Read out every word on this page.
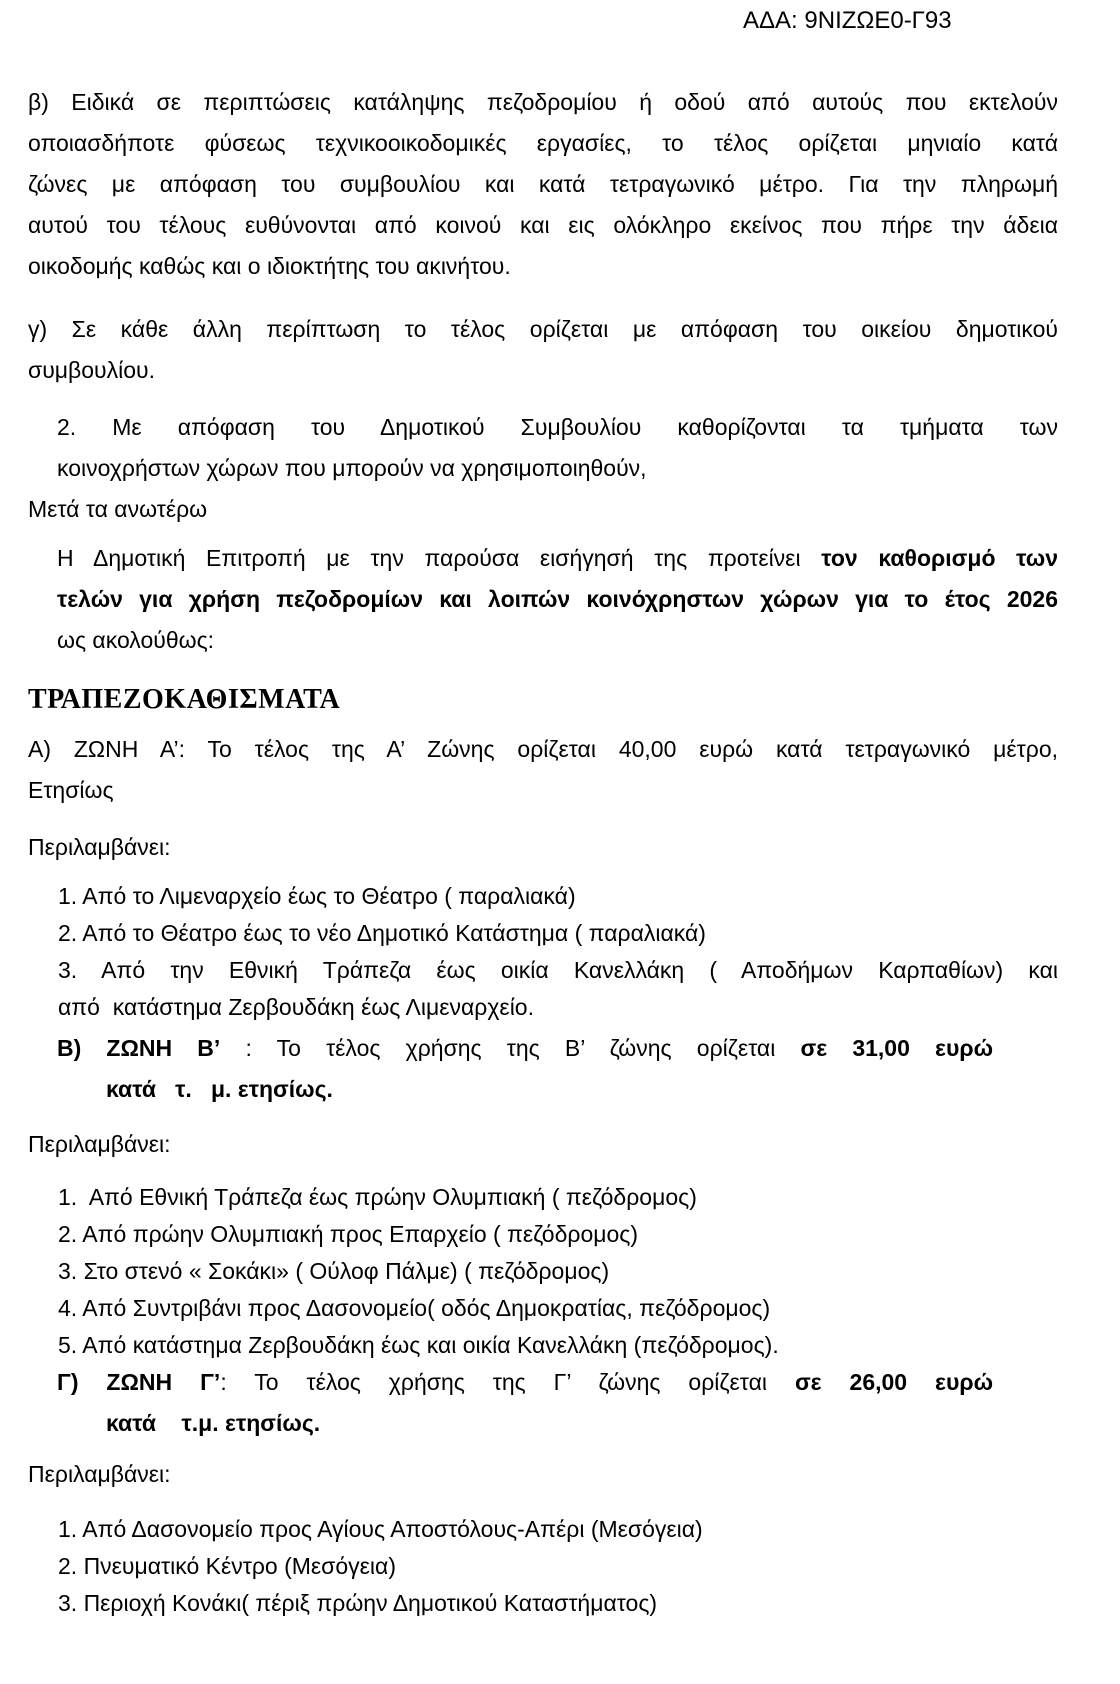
ΑΔΑ: 9ΝΙΖΩΕ0-Γ93

β) Ειδικά σε περιπτώσεις κατάληψης πεζοδρομίου ή οδού από αυτούς που εκτελούν
οποιασδήποτε φύσεως τεχνικοοικοδομικές εργασίες, το τέλος ορίζεται μηνιαίο κατά
ζώνες με απόφαση του συμβουλίου και κατά τετραγωνικό μέτρο. Για την πληρωμή
αυτού του τέλους ευθύνονται από κοινού και εις ολόκληρο εκείνος που πήρε την άδεια
οικοδομής καθώς και ο ιδιοκτήτης του ακινήτου.

γ) Σε κάθε άλλη περίπτωση το τέλος ορίζεται με απόφαση του οικείου δημοτικού
συμβουλίου.

2. Με απόφαση του Δημοτικού Συμβουλίου καθορίζονται τα τμήματα των
κοινοχρήστων χώρων που μπορούν να χρησιμοποιηθούν,

Μετά τα ανωτέρω

Η Δημοτική Επιτροπή με την παρούσα εισήγησή της προτείνει τον καθορισμό των
τελών για χρήση πεζοδρομίων και λοιπών κοινόχρηστων χώρων για το έτος 2026
ως ακολούθως:

ΤΡΑΠΕΖΟΚΑΘΙΣΜΑΤΑ

Α) ΖΩΝΗ Α’: Το τέλος της Α’ Ζώνης ορίζεται 40,00 ευρώ κατά τετραγωνικό μέτρο,
Ετησίως

Περιλαμβάνει:

1. Από το Λιμεναρχείο έως το Θέατρο ( παραλιακά)
2. Από το Θέατρο έως το νέο Δημοτικό Κατάστημα ( παραλιακά)
3. Από την Εθνική Τράπεζα έως οικία Κανελλάκη ( Αποδήμων Καρπαθίων) και
από  κατάστημα Ζερβουδάκη έως Λιμεναρχείο.

Β) ΖΩΝΗ Β’ : Το τέλος χρήσης της Β’ ζώνης ορίζεται σε 31,00 ευρώ
κατά   τ.   μ. ετησίως.

Περιλαμβάνει:

1.  Από Εθνική Τράπεζα έως πρώην Ολυμπιακή ( πεζόδρομος)
2. Από πρώην Ολυμπιακή προς Επαρχείο ( πεζόδρομος)
3. Στο στενό « Σοκάκι» ( Ούλοφ Πάλμε) ( πεζόδρομος)
4. Από Συντριβάνι προς Δασονομείο( οδός Δημοκρατίας, πεζόδρομος)
5. Από κατάστημα Ζερβουδάκη έως και οικία Κανελλάκη (πεζόδρομος).

Γ) ΖΩΝΗ Γ’: Το τέλος χρήσης της Γ’ ζώνης ορίζεται σε 26,00 ευρώ
κατά    τ.μ. ετησίως.

Περιλαμβάνει:

1. Από Δασονομείο προς Αγίους Αποστόλους-Απέρι (Μεσόγεια)
2. Πνευματικό Κέντρο (Μεσόγεια)
3. Περιοχή Κονάκι( πέριξ πρώην Δημοτικού Καταστήματος)
